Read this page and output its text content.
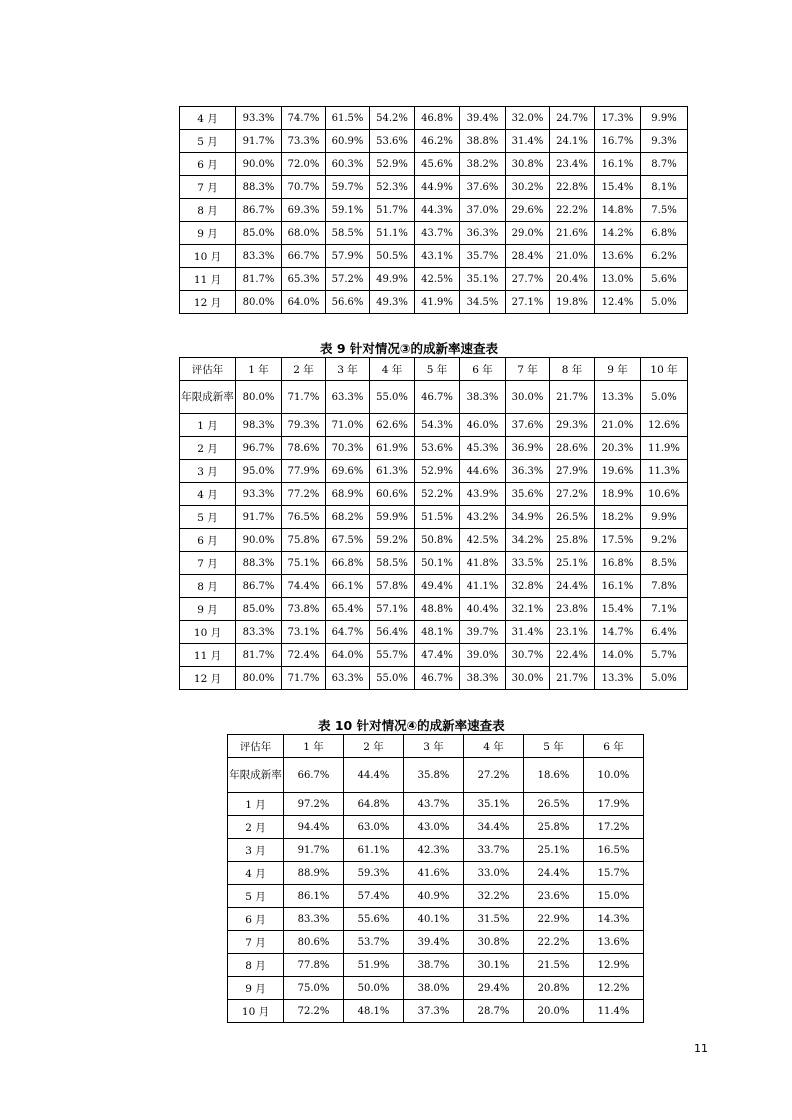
4 月	93.3%	74.7%	61.5%	54.2%	46.8%	39.4%	32.0%	24.7%	17.3%	9.9%
5 月	91.7%	73.3%	60.9%	53.6%	46.2%	38.8%	31.4%	24.1%	16.7%	9.3%
6 月	90.0%	72.0%	60.3%	52.9%	45.6%	38.2%	30.8%	23.4%	16.1%	8.7%
7 月	88.3%	70.7%	59.7%	52.3%	44.9%	37.6%	30.2%	22.8%	15.4%	8.1%
8 月	86.7%	69.3%	59.1%	51.7%	44.3%	37.0%	29.6%	22.2%	14.8%	7.5%
9 月	85.0%	68.0%	58.5%	51.1%	43.7%	36.3%	29.0%	21.6%	14.2%	6.8%
10 月	83.3%	66.7%	57.9%	50.5%	43.1%	35.7%	28.4%	21.0%	13.6%	6.2%
11 月	81.7%	65.3%	57.2%	49.9%	42.5%	35.1%	27.7%	20.4%	13.0%	5.6%
12 月	80.0%	64.0%	56.6%	49.3%	41.9%	34.5%	27.1%	19.8%	12.4%	5.0%
表 9 针对情况③的成新率速查表
评估年	1 年	2 年	3 年	4 年	5 年	6 年	7 年	8 年	9 年	10 年
年限成新率	80.0%	71.7%	63.3%	55.0%	46.7%	38.3%	30.0%	21.7%	13.3%	5.0%
1 月	98.3%	79.3%	71.0%	62.6%	54.3%	46.0%	37.6%	29.3%	21.0%	12.6%
2 月	96.7%	78.6%	70.3%	61.9%	53.6%	45.3%	36.9%	28.6%	20.3%	11.9%
3 月	95.0%	77.9%	69.6%	61.3%	52.9%	44.6%	36.3%	27.9%	19.6%	11.3%
4 月	93.3%	77.2%	68.9%	60.6%	52.2%	43.9%	35.6%	27.2%	18.9%	10.6%
5 月	91.7%	76.5%	68.2%	59.9%	51.5%	43.2%	34.9%	26.5%	18.2%	9.9%
6 月	90.0%	75.8%	67.5%	59.2%	50.8%	42.5%	34.2%	25.8%	17.5%	9.2%
7 月	88.3%	75.1%	66.8%	58.5%	50.1%	41.8%	33.5%	25.1%	16.8%	8.5%
8 月	86.7%	74.4%	66.1%	57.8%	49.4%	41.1%	32.8%	24.4%	16.1%	7.8%
9 月	85.0%	73.8%	65.4%	57.1%	48.8%	40.4%	32.1%	23.8%	15.4%	7.1%
10 月	83.3%	73.1%	64.7%	56.4%	48.1%	39.7%	31.4%	23.1%	14.7%	6.4%
11 月	81.7%	72.4%	64.0%	55.7%	47.4%	39.0%	30.7%	22.4%	14.0%	5.7%
12 月	80.0%	71.7%	63.3%	55.0%	46.7%	38.3%	30.0%	21.7%	13.3%	5.0%
表 10 针对情况④的成新率速查表
评估年	1 年	2 年	3 年	4 年	5 年	6 年
年限成新率	66.7%	44.4%	35.8%	27.2%	18.6%	10.0%
1 月	97.2%	64.8%	43.7%	35.1%	26.5%	17.9%
2 月	94.4%	63.0%	43.0%	34.4%	25.8%	17.2%
3 月	91.7%	61.1%	42.3%	33.7%	25.1%	16.5%
4 月	88.9%	59.3%	41.6%	33.0%	24.4%	15.7%
5 月	86.1%	57.4%	40.9%	32.2%	23.6%	15.0%
6 月	83.3%	55.6%	40.1%	31.5%	22.9%	14.3%
7 月	80.6%	53.7%	39.4%	30.8%	22.2%	13.6%
8 月	77.8%	51.9%	38.7%	30.1%	21.5%	12.9%
9 月	75.0%	50.0%	38.0%	29.4%	20.8%	12.2%
10 月	72.2%	48.1%	37.3%	28.7%	20.0%	11.4%
11
